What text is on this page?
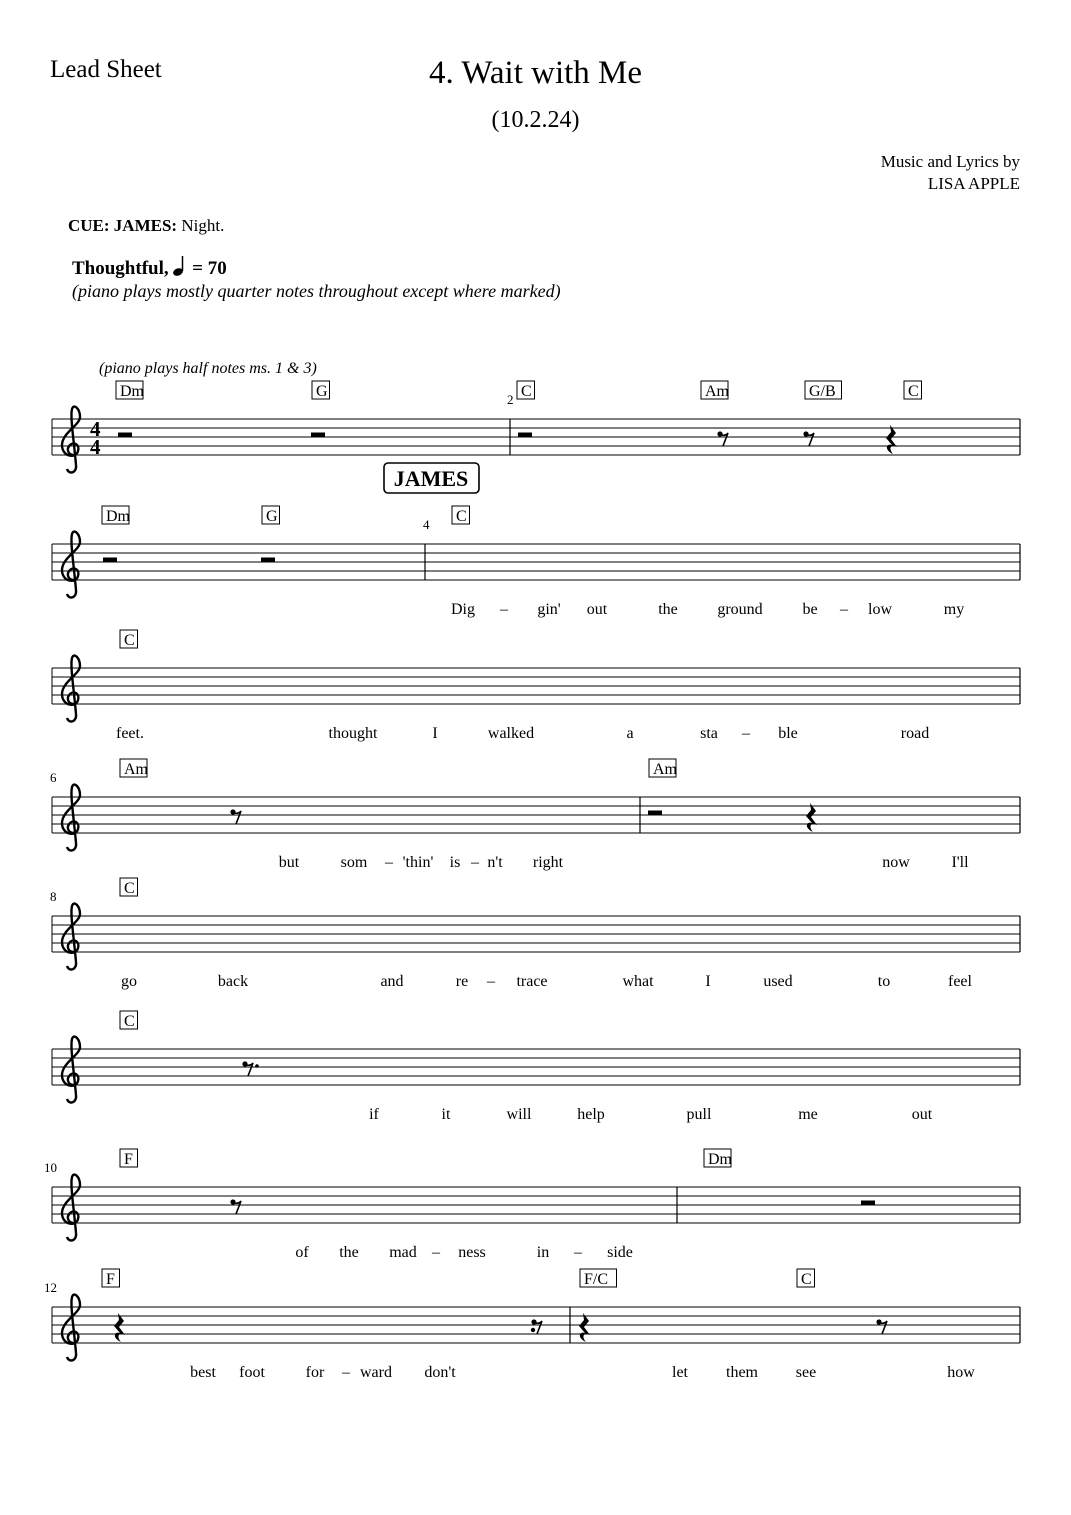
Lead Sheet	4. Wait with Me
(10.2.24)
Music and Lyrics by
LISA APPLE
CUE: JAMES: Night.
Thoughtful, = 70
(piano plays mostly quarter notes throughout except where marked)
4
4
(piano plays half notes ms. 1 & 3)
JAMES
2
Dm	G	C	Am	G/B	C
4
Dm	G	C
Dig – gin' out	the ground be – low	my
C
feet.	thought	I	walked	a	sta – ble	road
6	Am	Am
but	som – 'thin' is – n't right	now	I'll
8	C
go	back	and	re – trace	what	I	used	to	feel
C
if	it	will	help	pull	me	out
10	F	Dm
of the mad – ness	in – side
12	F	F/C	C
best foot	for – ward don't	let them see	how
